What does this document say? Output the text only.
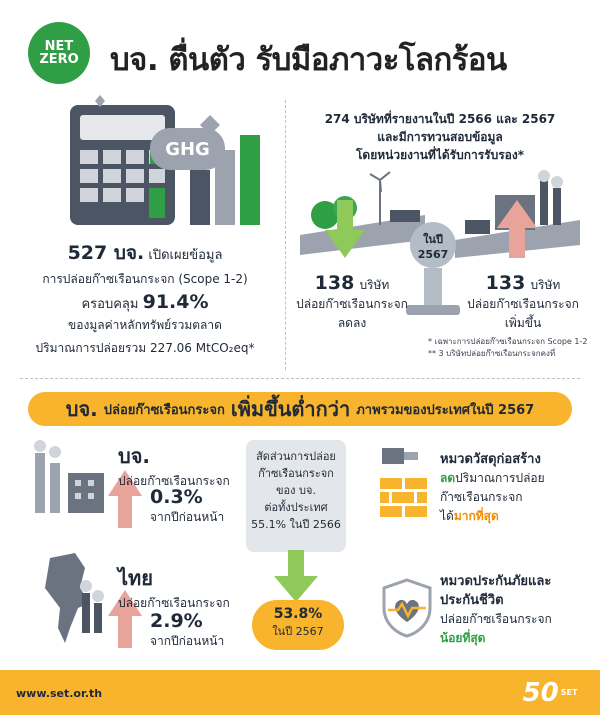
NET
ZERO บจ. ตื่นตัว รับมือภาวะโลกร้อน
GHG
527 บจ. เปิดเผยข้อมูล
การปล่อยก๊าซเรือนกระจก (Scope 1-2)
ครอบคลุม 91.4%
ของมูลค่าหลักทรัพย์รวมตลาด
ปริมาณการปล่อยรวม 227.06 MtCO₂eq*
274 บริษัทที่รายงานในปี 2566 และ 2567
และมีการทวนสอบข้อมูล
โดยหน่วยงานที่ได้รับการรับรอง*
ในปี
2567
138 บริษัท
ปล่อยก๊าซเรือนกระจก
ลดลง
133 บริษัท
ปล่อยก๊าซเรือนกระจก
เพิ่มขึ้น
* เฉพาะการปล่อยก๊าซเรือนกระจก Scope 1-2
** 3 บริษัทปล่อยก๊าซเรือนกระจกคงที่
บจ. ปล่อยก๊าซเรือนกระจก เพิ่มขึ้นต่ำกว่า ภาพรวมของประเทศในปี 2567
บจ.
ปล่อยก๊าซเรือนกระจก
0.3%
จากปีก่อนหน้า
ไทย
ปล่อยก๊าซเรือนกระจก
2.9%
จากปีก่อนหน้า
สัดส่วนการปล่อย
ก๊าซเรือนกระจก
ของ บจ.
ต่อทั้งประเทศ
55.1% ในปี 2566
53.8%
ในปี 2567
หมวดวัสดุก่อสร้าง
ลดปริมาณการปล่อย
ก๊าซเรือนกระจก
ได้มากที่สุด
หมวดประกันภัยและ
ประกันชีวิต
ปล่อยก๊าซเรือนกระจก
น้อยที่สุด
www.set.or.th	50 SET
